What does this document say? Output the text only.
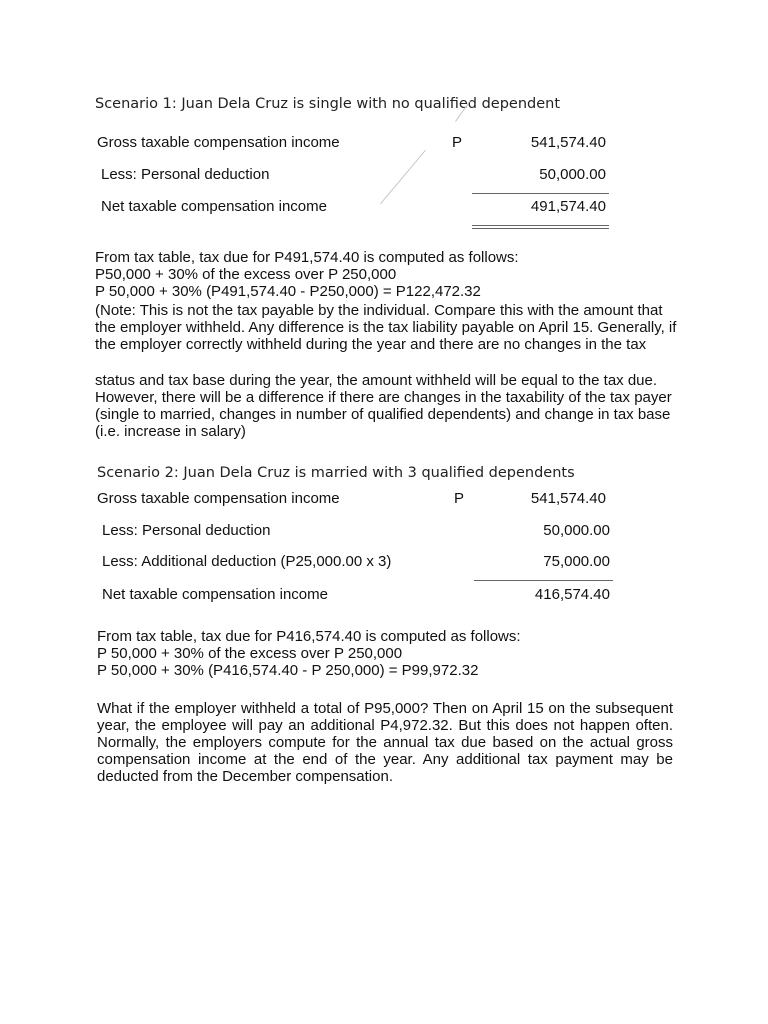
Scenario 1: Juan Dela Cruz is single with no qualified dependent
Gross taxable compensation income	P	541,574.40
Less: Personal deduction	50,000.00
Net taxable compensation income	491,574.40
From tax table, tax due for P491,574.40 is computed as follows:
P50,000 + 30% of the excess over P 250,000
P 50,000 + 30% (P491,574.40 - P250,000) = P122,472.32
(Note: This is not the tax payable by the individual. Compare this with the amount that the employer withheld. Any difference is the tax liability payable on April 15. Generally, if the employer correctly withheld during the year and there are no changes in the tax
status and tax base during the year, the amount withheld will be equal to the tax due. However, there will be a difference if there are changes in the taxability of the tax payer (single to married, changes in number of qualified dependents) and change in tax base (i.e. increase in salary)
Scenario 2: Juan Dela Cruz is married with 3 qualified dependents
Gross taxable compensation income	P	541,574.40
Less: Personal deduction	50,000.00
Less: Additional deduction (P25,000.00 x 3)	75,000.00
Net taxable compensation income	416,574.40
From tax table, tax due for P416,574.40 is computed as follows:
P 50,000 + 30% of the excess over P 250,000
P 50,000 + 30% (P416,574.40 - P 250,000) = P99,972.32
What if the employer withheld a total of P95,000? Then on April 15 on the subsequent year, the employee will pay an additional P4,972.32. But this does not happen often. Normally, the employers compute for the annual tax due based on the actual gross compensation income at the end of the year. Any additional tax payment may be deducted from the December compensation.
